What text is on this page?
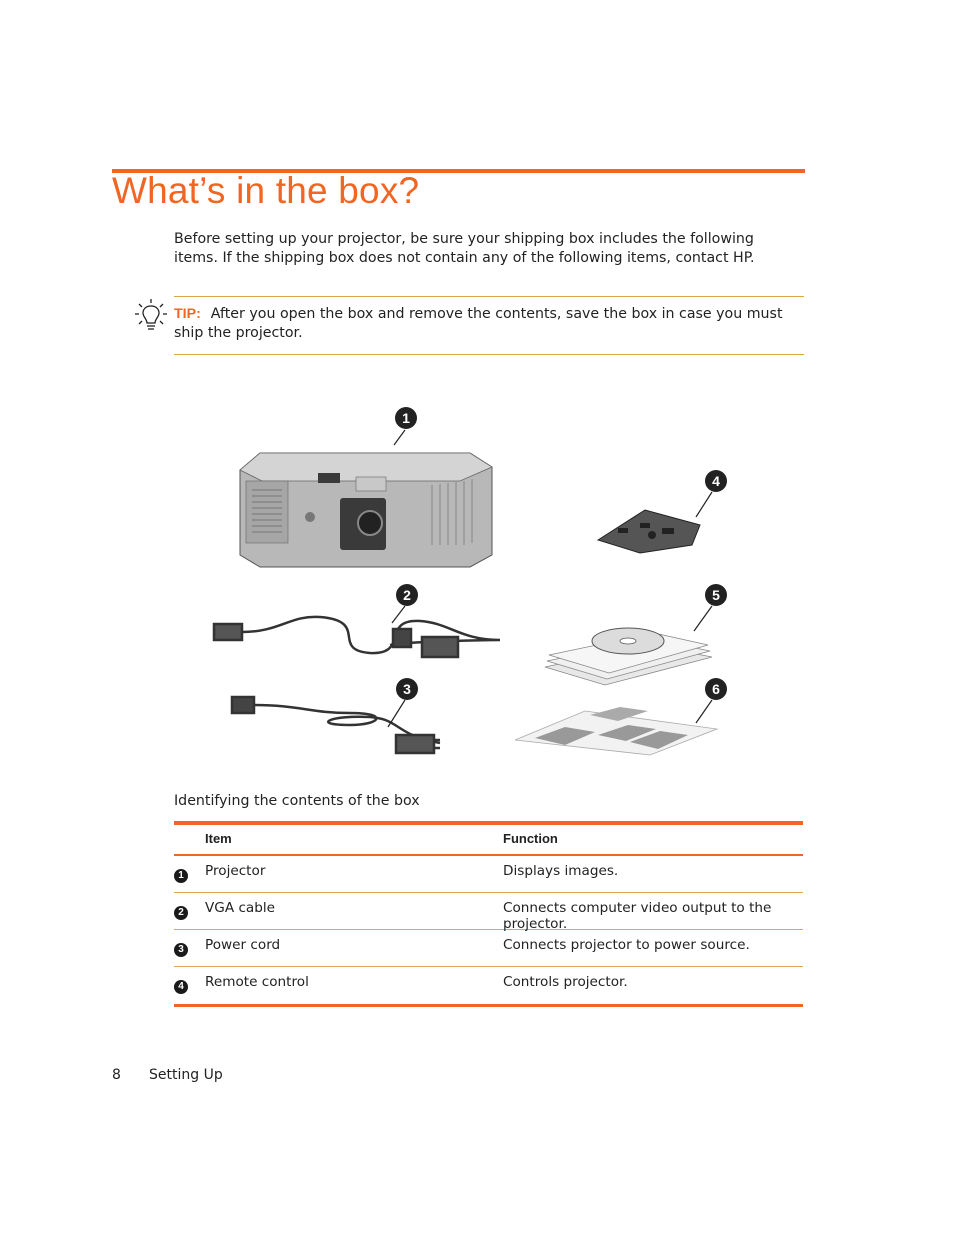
What’s in the box?

Before setting up your projector, be sure your shipping box includes the following items. If the shipping box does not contain any of the following items, contact HP.

TIP: After you open the box and remove the contents, save the box in case you must ship the projector.

1
2
3
4
5
6

Identifying the contents of the box

Item	Function
1	Projector	Displays images.
2	VGA cable	Connects computer video output to the projector.
3	Power cord	Connects projector to power source.
4	Remote control	Controls projector.

8 Setting Up
